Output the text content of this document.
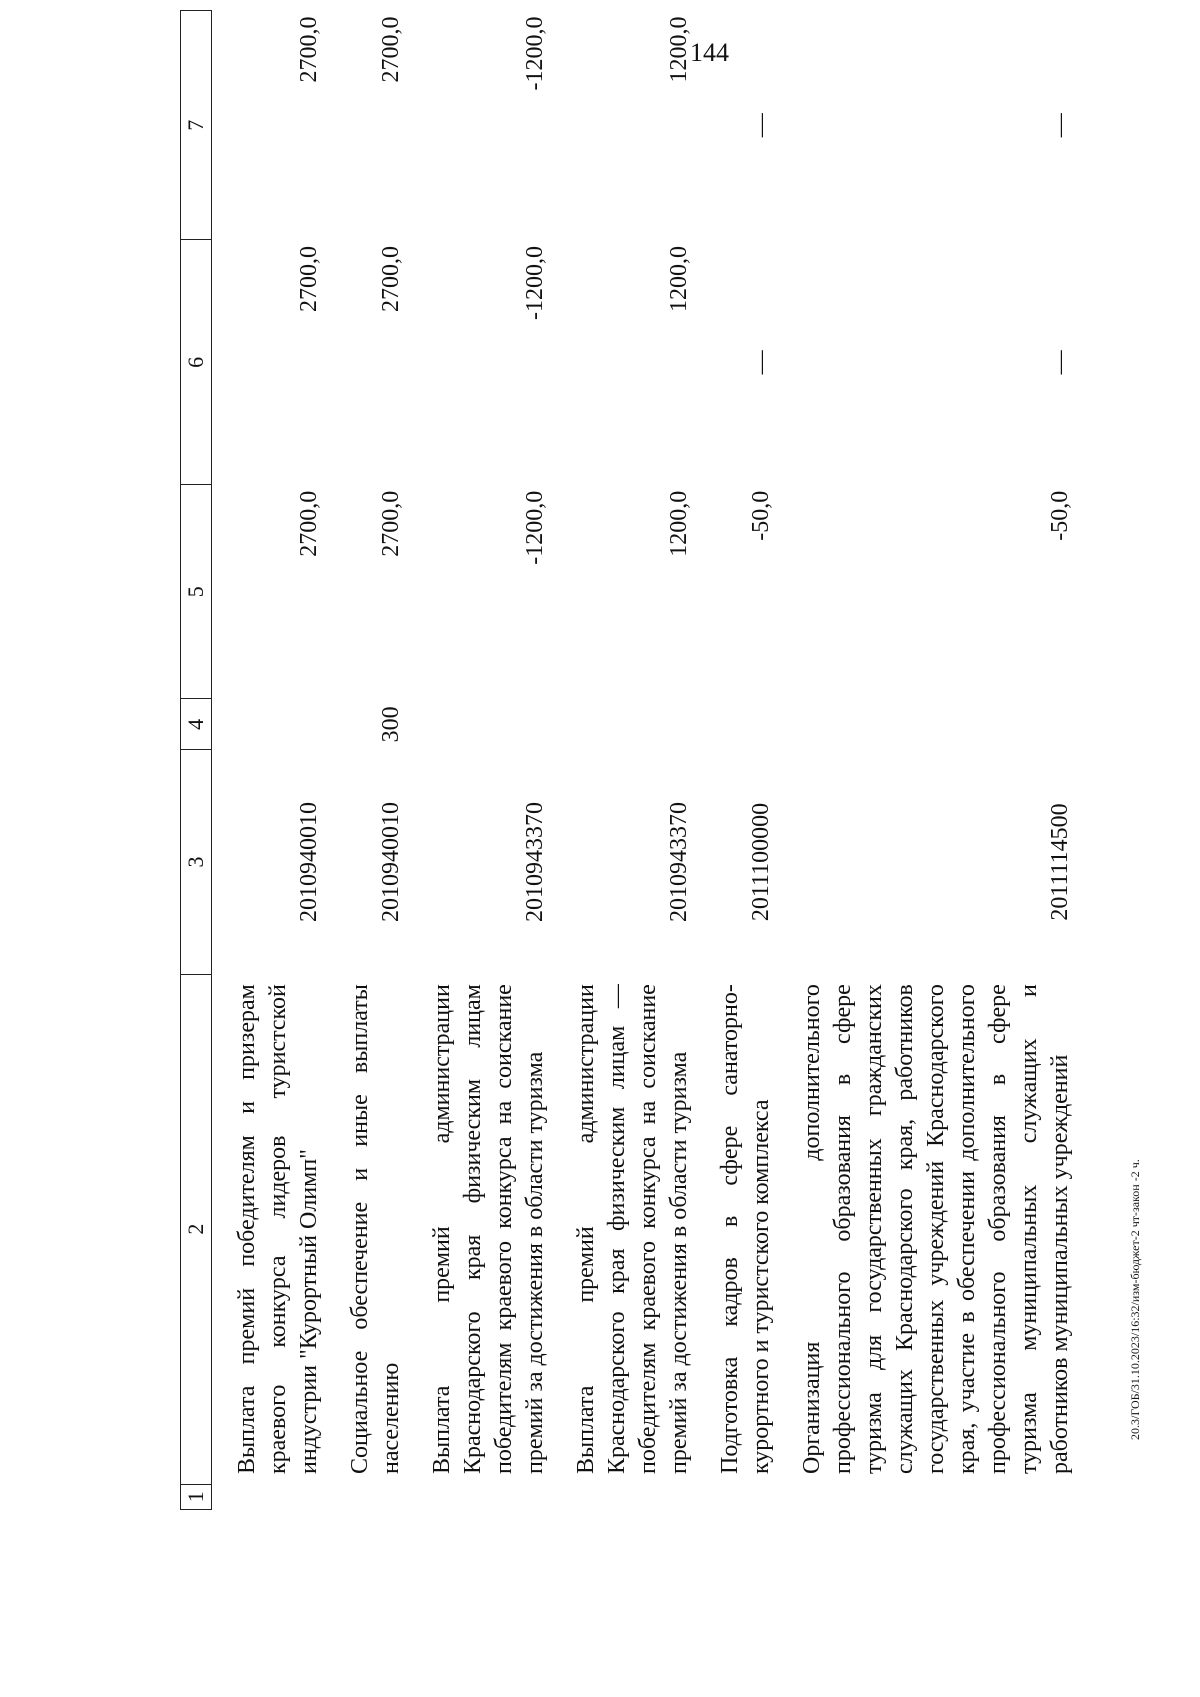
144
1	2	3	4	5	6	7
	Выплата премий победителям и призерам краевого конкурса лидеров туристской индустрии "Курортный Олимп"	2010940010		2700,0	2700,0	2700,0
	Социальное обеспечение и иные выплаты населению	2010940010	300	2700,0	2700,0	2700,0
	Выплата премий администрации Краснодарского края физическим лицам победителям краевого конкурса на соискание премий за достижения в области туризма	2010943370		-1200,0	-1200,0	-1200,0
	Выплата премий администрации Краснодарского края физическим лицам — победителям краевого конкурса на соискание премий за достижения в области туризма	2010943370		1200,0	1200,0	1200,0
	Подготовка кадров в сфере санаторно-курортного и туристского комплекса	2011100000		-50,0	—	—
	Организация дополнительного профессионального образования в сфере туризма для государственных гражданских служащих Краснодарского края, работников государственных учреждений Краснодарского края, участие в обеспечении дополнительного профессионального образования в сфере туризма муниципальных служащих и работников муниципальных учреждений	2011114500		-50,0	—	—
20.3/ГОБ/31.10.2023/16:32/изм-бюджет-2 чт-закон -2 ч.
